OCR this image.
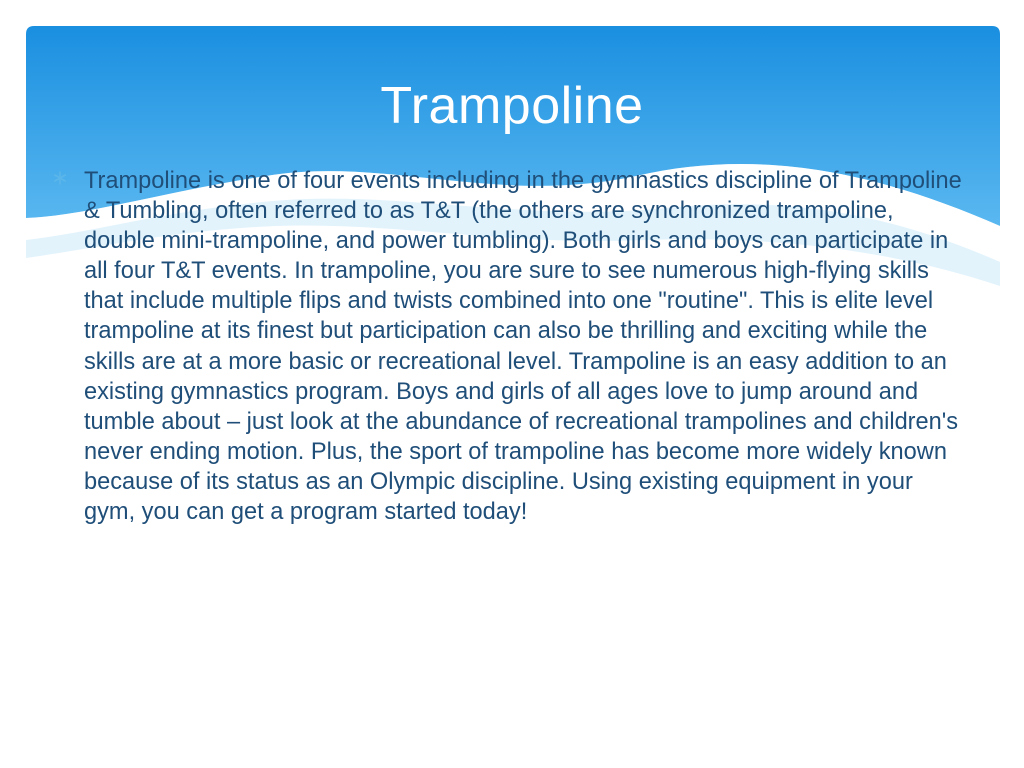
Trampoline

Trampoline is one of four events including in the gymnastics discipline of Trampoline & Tumbling, often referred to as T&T (the others are synchronized trampoline, double mini-trampoline, and power tumbling). Both girls and boys can participate in all four T&T events. In trampoline, you are sure to see numerous high-flying skills that include multiple flips and twists combined into one "routine". This is elite level trampoline at its finest but participation can also be thrilling and exciting while the skills are at a more basic or recreational level. Trampoline is an easy addition to an existing gymnastics program. Boys and girls of all ages love to jump around and tumble about – just look at the abundance of recreational trampolines and children's never ending motion. Plus, the sport of trampoline has become more widely known because of its status as an Olympic discipline. Using existing equipment in your gym, you can get a program started today!
